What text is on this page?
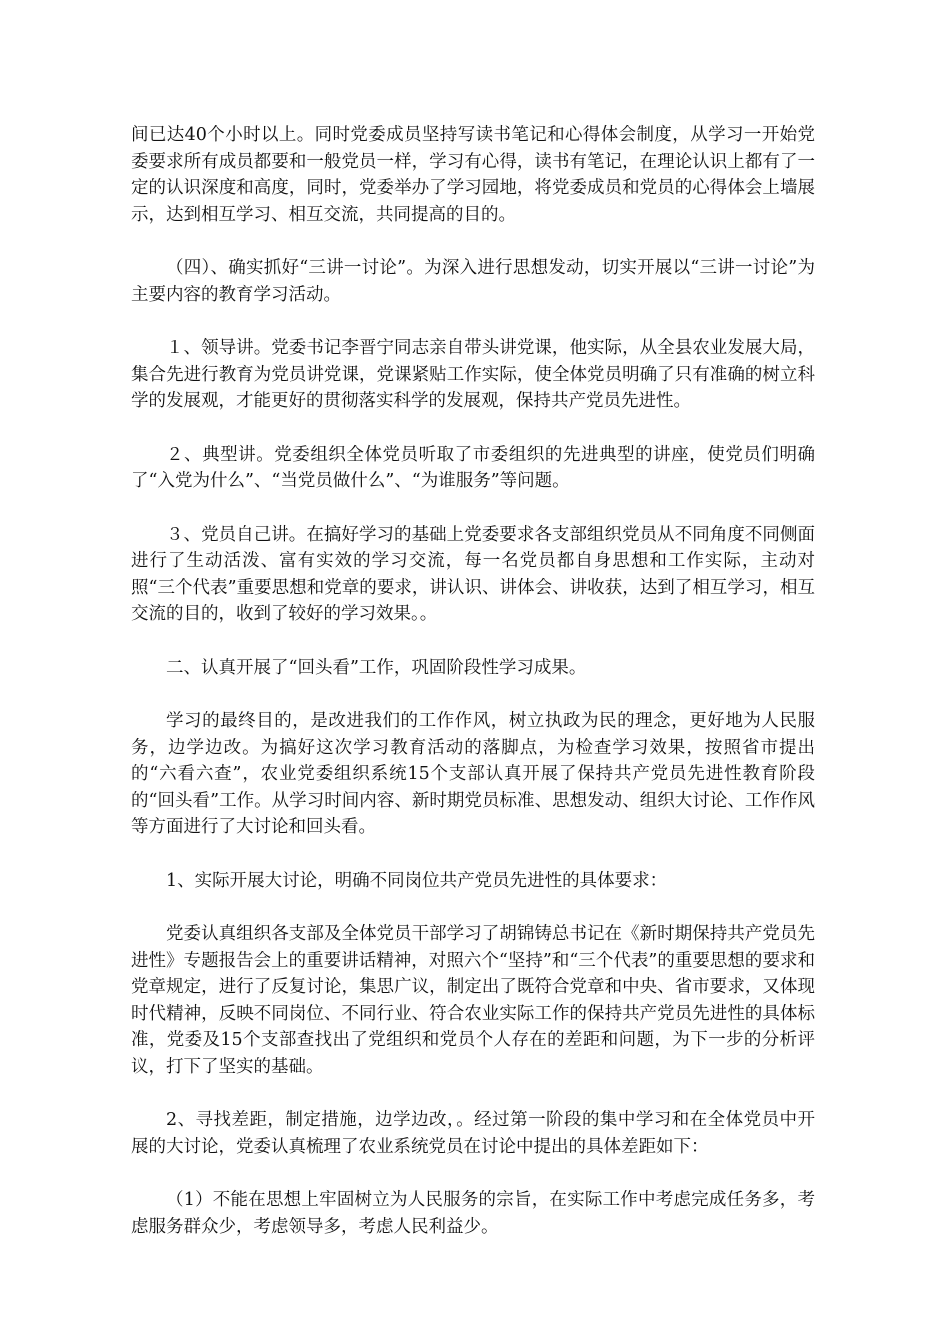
间已达40个小时以上。同时党委成员坚持写读书笔记和心得体会制度，从学习一开始党委要求所有成员都要和一般党员一样，学习有心得，读书有笔记，在理论认识上都有了一定的认识深度和高度，同时，党委举办了学习园地，将党委成员和党员的心得体会上墙展示，达到相互学习、相互交流，共同提高的目的。

（四）、确实抓好“三讲一讨论”。为深入进行思想发动，切实开展以“三讲一讨论”为主要内容的教育学习活动。

１、领导讲。党委书记李晋宁同志亲自带头讲党课，他实际，从全县农业发展大局，集合先进行教育为党员讲党课，党课紧贴工作实际，使全体党员明确了只有准确的树立科学的发展观，才能更好的贯彻落实科学的发展观，保持共产党员先进性。

２、典型讲。党委组织全体党员听取了市委组织的先进典型的讲座，使党员们明确了“入党为什么”、“当党员做什么”、“为谁服务”等问题。

３、党员自己讲。在搞好学习的基础上党委要求各支部组织党员从不同角度不同侧面进行了生动活泼、富有实效的学习交流，每一名党员都自身思想和工作实际，主动对照“三个代表”重要思想和党章的要求，讲认识、讲体会、讲收获，达到了相互学习，相互交流的目的，收到了较好的学习效果。。

二、认真开展了“回头看”工作，巩固阶段性学习成果。

学习的最终目的，是改进我们的工作作风，树立执政为民的理念，更好地为人民服务，边学边改。为搞好这次学习教育活动的落脚点，为检查学习效果，按照省市提出的“六看六查”，农业党委组织系统15个支部认真开展了保持共产党员先进性教育阶段的“回头看”工作。从学习时间内容、新时期党员标准、思想发动、组织大讨论、工作作风等方面进行了大讨论和回头看。

1、实际开展大讨论，明确不同岗位共产党员先进性的具体要求：

党委认真组织各支部及全体党员干部学习了胡锦铸总书记在《新时期保持共产党员先进性》专题报告会上的重要讲话精神，对照六个“坚持”和“三个代表”的重要思想的要求和党章规定，进行了反复讨论，集思广议，制定出了既符合党章和中央、省市要求，又体现时代精神，反映不同岗位、不同行业、符合农业实际工作的保持共产党员先进性的具体标准，党委及15个支部查找出了党组织和党员个人存在的差距和问题，为下一步的分析评议，打下了坚实的基础。

2、寻找差距，制定措施，边学边改，。经过第一阶段的集中学习和在全体党员中开展的大讨论，党委认真梳理了农业系统党员在讨论中提出的具体差距如下：

（1）不能在思想上牢固树立为人民服务的宗旨，在实际工作中考虑完成任务多，考虑服务群众少，考虑领导多，考虑人民利益少。
